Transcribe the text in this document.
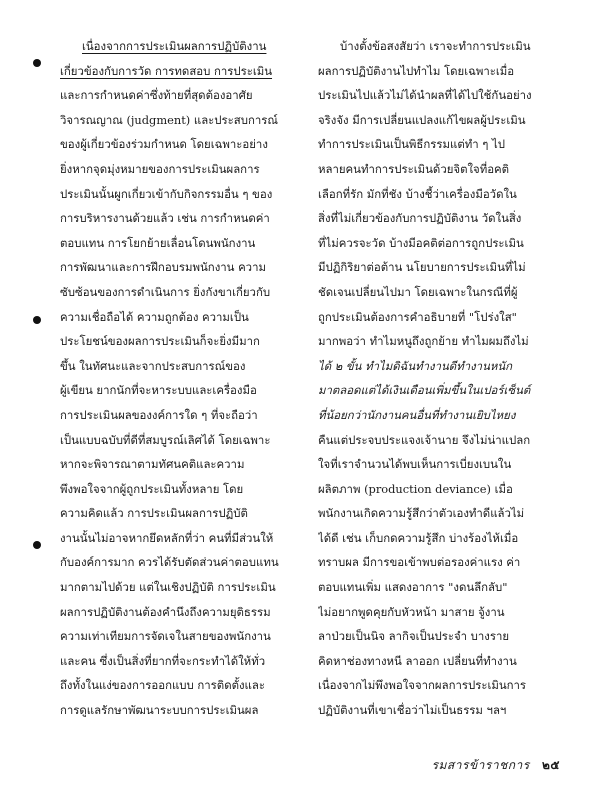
เนื่องจากการประเมินผลการปฏิบัติงาน
เกี่ยวข้องกับการวัด การทดสอบ การประเมิน
และการกำหนดค่าซึ่งท้ายที่สุดต้องอาศัย
วิจารณญาณ (judgment) และประสบการณ์
ของผู้เกี่ยวข้องร่วมกำหนด โดยเฉพาะอย่าง
ยิ่งหากจุดมุ่งหมายของการประเมินผลการ
ประเมินนั้นผูกเกี่ยวเข้ากับกิจกรรมอื่น ๆ ของ
การบริหารงานด้วยแล้ว เช่น การกำหนดค่า
ตอบแทน การโยกย้ายเลื่อนโดนพนักงาน
การพัฒนาและการฝึกอบรมพนักงาน ความ
ซับซ้อนของการดำเนินการ ยิ่งกังขาเกี่ยวกับ
ความเชื่อถือได้ ความถูกต้อง ความเป็น
ประโยชน์ของผลการประเมินก็จะยิ่งมีมาก
ขึ้น ในทัศนะและจากประสบการณ์ของ
ผู้เขียน ยากนักที่จะหาระบบและเครื่องมือ
การประเมินผลของงค์การใด ๆ ที่จะถือว่า
เป็นแบบฉบับที่ดีที่สมบูรณ์เลิศได้ โดยเฉพาะ
หากจะพิจารณาตามทัศนคติและความ
พึงพอใจจากผู้ถูกประเมินทั้งหลาย โดย
ความคิดแล้ว การประเมินผลการปฏิบัติ
งานนั้นไม่อาจหากยึดหลักที่ว่า คนที่มีส่วนให้
กับองค์การมาก ควรได้รับตัดส่วนค่าตอบแทน
มากตามไปด้วย แต่ในเชิงปฏิบัติ การประเมิน
ผลการปฏิบัติงานต้องคำนึงถึงความยุติธรรม
ความเท่าเทียมการจัดเจในสายของพนักงาน
และคน ซึ่งเป็นสิ่งที่ยากที่จะกระทำได้ให้ทั่ว
ถึงทั้งในแง่ของการออกแบบ การติดตั้งและ
การดูแลรักษาพัฒนาระบบการประเมินผล
บ้างตั้งข้อสงสัยว่า เราจะทำการประเมิน
ผลการปฏิบัติงานไปทำไม โดยเฉพาะเมื่อ
ประเมินไปแล้วไม่ได้นำผลที่ได้ไปใช้กันอย่าง
จริงจัง มีการเปลี่ยนแปลงแก้ไขผลผู้ประเมิน
ทำการประเมินเป็นพิธีกรรมแต่ทำ ๆ ไป
หลายคนทำการประเมินด้วยจิตใจที่อคติ
เลือกที่รัก มักที่ชัง บ้างชี้ว่าเครื่องมือวัดใน
สิ่งที่ไม่เกี่ยวข้องกับการปฏิบัติงาน วัดในสิ่ง
ที่ไม่ควรจะวัด บ้างมีอคติต่อการถูกประเมิน
มีปฏิกิริยาต่อต้าน นโยบายการประเมินที่ไม่
ชัดเจนเปลี่ยนไปมา โดยเฉพาะในกรณีที่ผู้
ถูกประเมินต้องการคำอธิบายที่ "โปร่งใส"
มากพอว่า ทำไมหนูถึงถูกย้าย ทำไมผมถึงไม่
ได้ ๒ ขั้น ทำไมดิฉันทำงานดีทำงานหนัก
มาตลอดแต่ได้เงินเดือนเพิ่มขึ้นในเปอร์เซ็นต์
ที่น้อยกว่านักงานคนอื่นที่ทำงานเยิบไหยง
คืนแต่ประจบประแจงเจ้านาย จึงไม่น่าแปลก
ใจที่เราจำนวนได้พบเห็นการเบี่ยงเบนใน
ผลิตภาพ (production deviance) เมื่อ
พนักงานเกิดความรู้สึกว่าตัวเองทำดีแล้วไม่
ได้ดี เช่น เก็บกดความรู้สึก บ่างร้องไห้เมื่อ
ทราบผล มีการขอเข้าพบต่อรองค่าแรง ค่า
ตอบแทนเพิ่ม แสดงอาการ "งดนลึกลับ"
ไม่อยากพูดคุยกับหัวหน้า มาสาย จู้งาน
ลาป่วยเป็นนิจ ลากิจเป็นประจำ บางราย
คิดหาช่องทางหนี ลาออก เปลี่ยนที่ทำงาน
เนื่องจากไม่พึงพอใจจากผลการประเมินการ
ปฏิบัติงานที่เขาเชื่อว่าไม่เป็นธรรม ฯลฯ
รมสารข้าราชการ ๒๕
